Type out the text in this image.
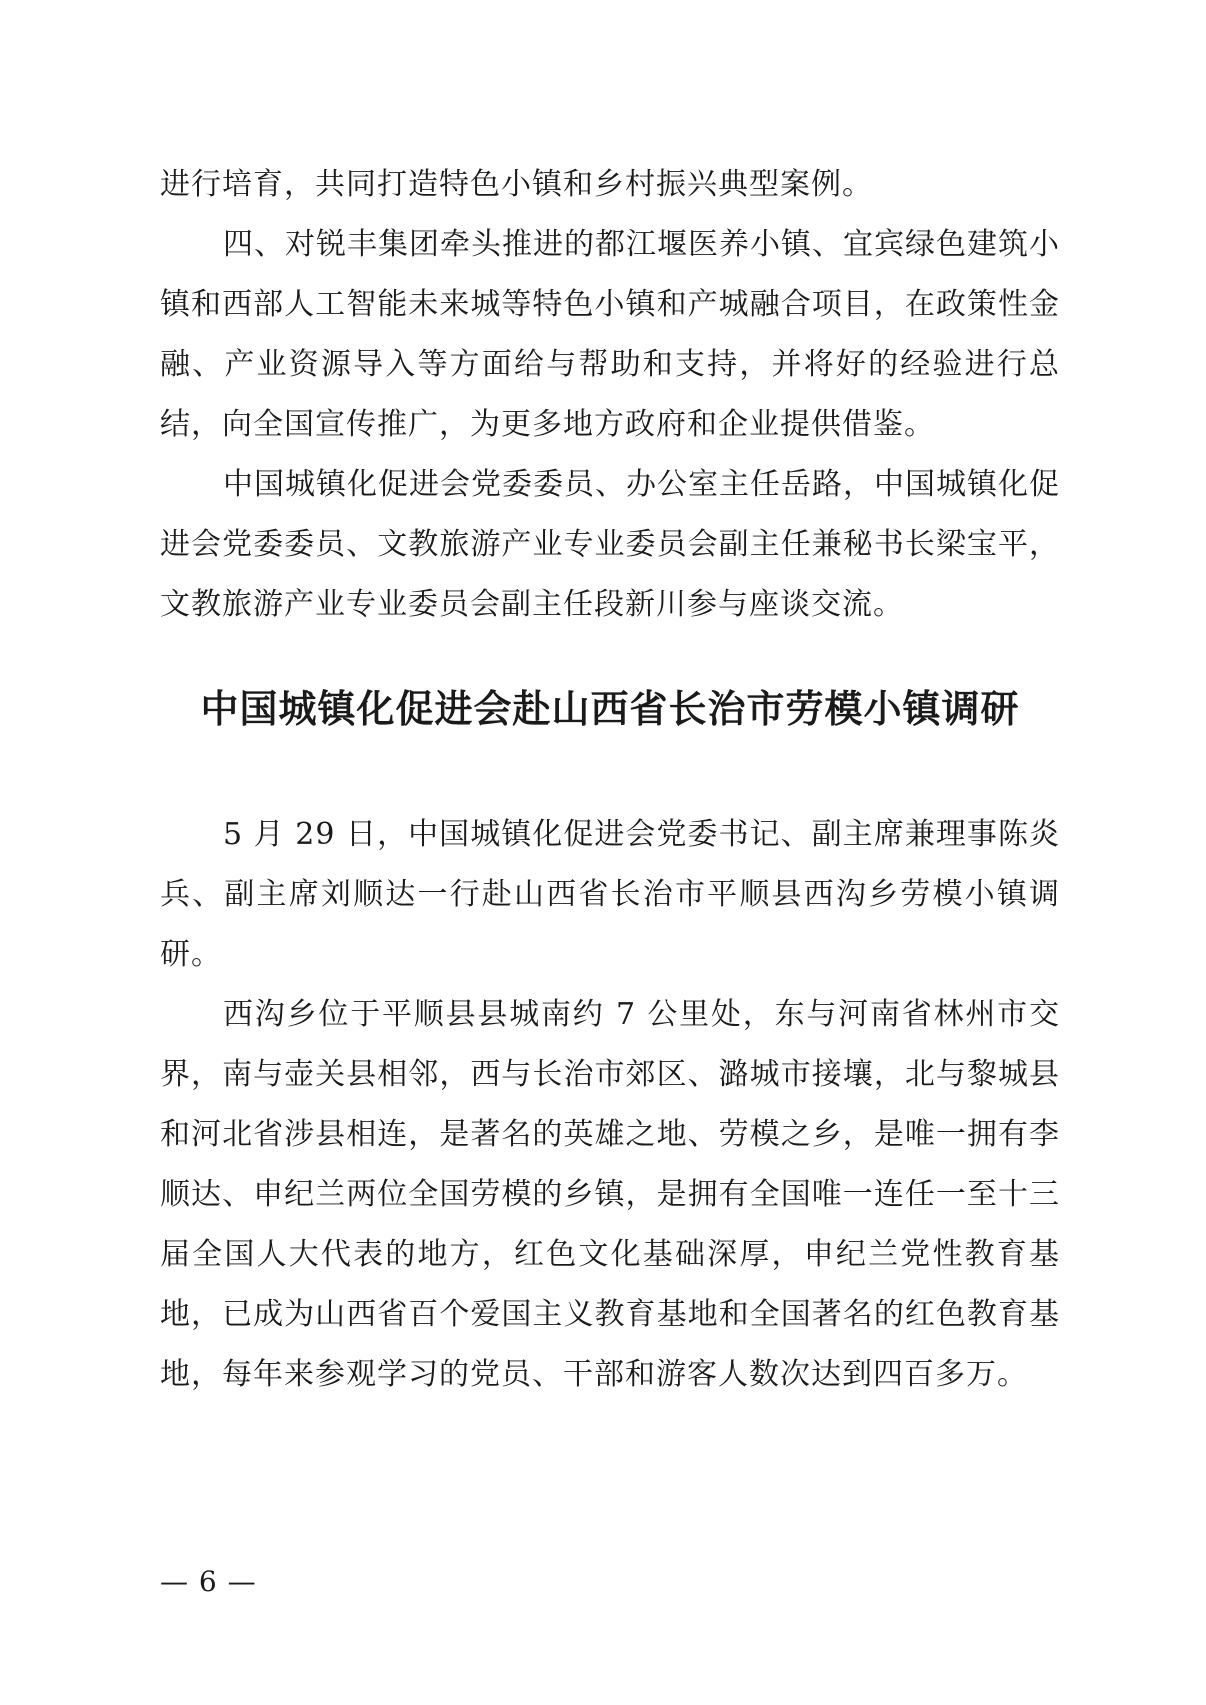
进行培育，共同打造特色小镇和乡村振兴典型案例。

四、对锐丰集团牵头推进的都江堰医养小镇、宜宾绿色建筑小镇和西部人工智能未来城等特色小镇和产城融合项目，在政策性金融、产业资源导入等方面给与帮助和支持，并将好的经验进行总结，向全国宣传推广，为更多地方政府和企业提供借鉴。

中国城镇化促进会党委委员、办公室主任岳路，中国城镇化促进会党委委员、文教旅游产业专业委员会副主任兼秘书长梁宝平，文教旅游产业专业委员会副主任段新川参与座谈交流。

中国城镇化促进会赴山西省长治市劳模小镇调研

5 月 29 日，中国城镇化促进会党委书记、副主席兼理事陈炎兵、副主席刘顺达一行赴山西省长治市平顺县西沟乡劳模小镇调研。

西沟乡位于平顺县县城南约 7 公里处，东与河南省林州市交界，南与壶关县相邻，西与长治市郊区、潞城市接壤，北与黎城县和河北省涉县相连，是著名的英雄之地、劳模之乡，是唯一拥有李顺达、申纪兰两位全国劳模的乡镇，是拥有全国唯一连任一至十三届全国人大代表的地方，红色文化基础深厚，申纪兰党性教育基地，已成为山西省百个爱国主义教育基地和全国著名的红色教育基地，每年来参观学习的党员、干部和游客人数次达到四百多万。

— 6 —
